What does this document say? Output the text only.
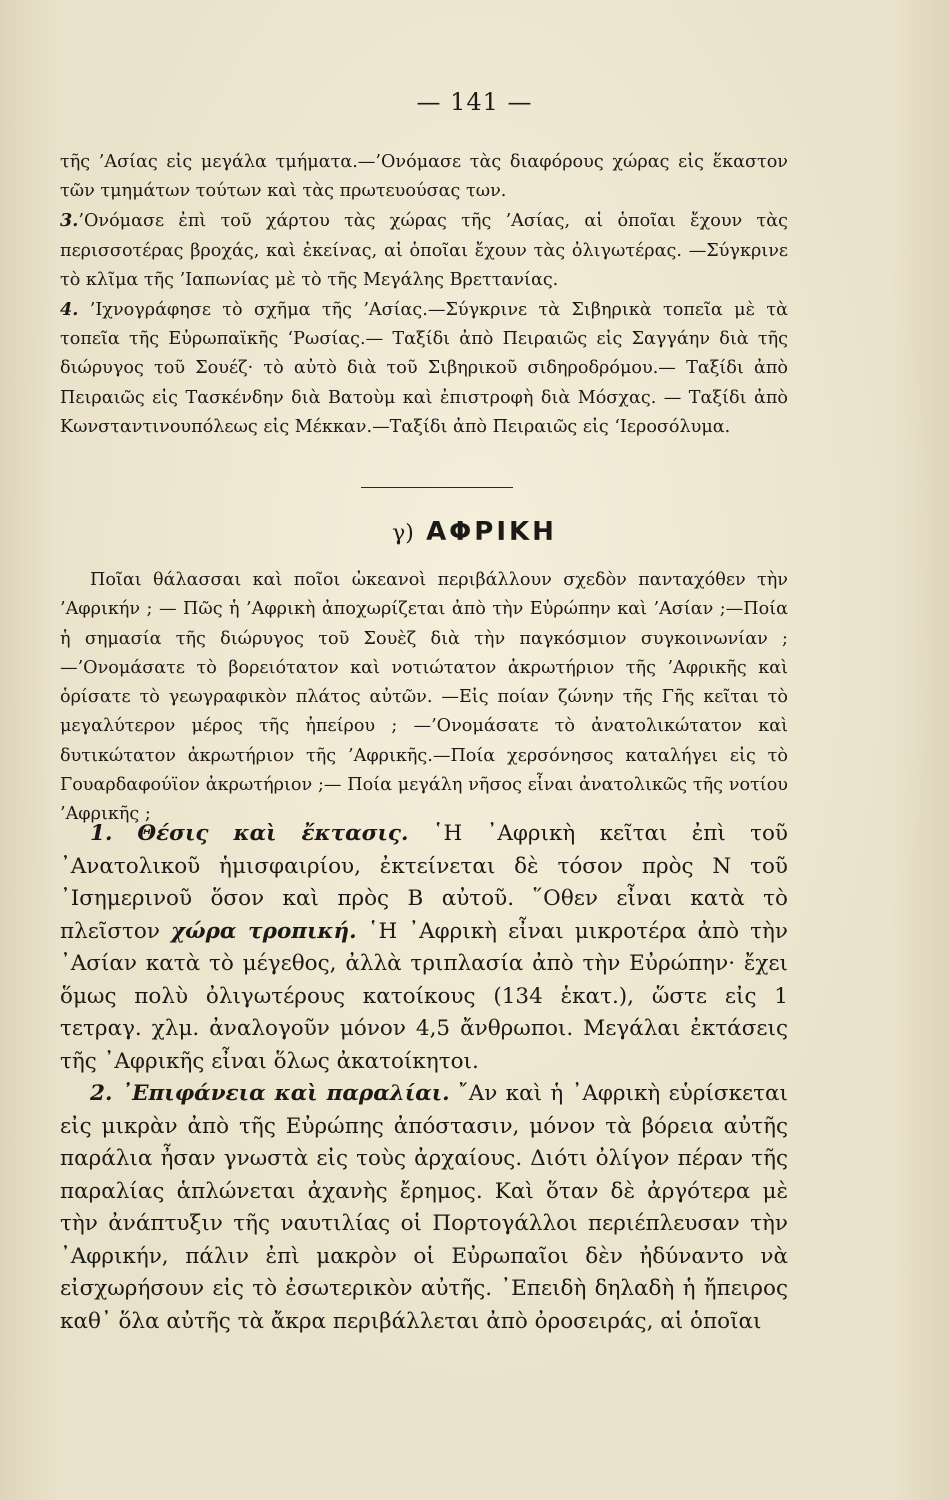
— 141 —

τῆς ’Ασίας εἰς μεγάλα τμήματα.—’Ονόμασε τὰς διαφόρους χώρας εἰς ἕκαστον τῶν τμημάτων τούτων καὶ τὰς πρωτευούσας των.

3.’Ονόμασε ἐπὶ τοῦ χάρτου τὰς χώρας τῆς ’Ασίας, αἱ ὁποῖαι ἔχουν τὰς περισσοτέρας βροχάς, καὶ ἐκείνας, αἱ ὁποῖαι ἔχουν τὰς ὀλιγωτέρας. —Σύγκρινε τὸ κλῖμα τῆς ’Ιαπωνίας μὲ τὸ τῆς Μεγάλης Βρεττανίας.

4. ’Ιχνογράφησε τὸ σχῆμα τῆς ’Ασίας.—Σύγκρινε τὰ Σιβηρικὰ τοπεῖα μὲ τὰ τοπεῖα τῆς Εὐρωπαϊκῆς ‘Ρωσίας.— Ταξίδι ἀπὸ Πειραιῶς εἰς Σαγγάην διὰ τῆς διώρυγος τοῦ Σουέζ· τὸ αὐτὸ διὰ τοῦ Σιβηρικοῦ σιδηροδρόμου.— Ταξίδι ἀπὸ Πειραιῶς εἰς Τασκένδην διὰ Βατοὺμ καὶ ἐπιστροφὴ διὰ Μόσχας. — Ταξίδι ἀπὸ Κωνσταντινουπόλεως εἰς Μέκκαν.—Ταξίδι ἀπὸ Πειραιῶς εἰς ‘Ιεροσόλυμα.

γ) ΑΦΡΙΚΗ

Ποῖαι θάλασσαι καὶ ποῖοι ὠκεανοὶ περιβάλλουν σχεδὸν πανταχόθεν τὴν ’Αφρικήν ; — Πῶς ἡ ’Αφρικὴ ἀποχωρίζεται ἀπὸ τὴν Εὐρώπην καὶ ’Ασίαν ;—Ποία ἡ σημασία τῆς διώρυγος τοῦ Σουὲζ διὰ τὴν παγκόσμιον συγκοινωνίαν ; —’Ονομάσατε τὸ βορειότατον καὶ νοτιώτατον ἀκρωτήριον τῆς ’Αφρικῆς καὶ ὁρίσατε τὸ γεωγραφικὸν πλάτος αὐτῶν. —Εἰς ποίαν ζώνην τῆς Γῆς κεῖται τὸ μεγαλύτερον μέρος τῆς ἠπείρου ; —’Ονομάσατε τὸ ἀνατολικώτατον καὶ δυτικώτατον ἀκρωτήριον τῆς ’Αφρικῆς.—Ποία χερσόνησος καταλήγει εἰς τὸ Γουαρδαφούϊον ἀκρωτήριον ;— Ποία μεγάλη νῆσος εἶναι ἀνατολικῶς τῆς νοτίου ’Αφρικῆς ;

1. Θέσις καὶ ἔκτασις. ῾Η ᾿Αφρικὴ κεῖται ἐπὶ τοῦ ᾿Ανατολικοῦ ἡμισφαιρίου, ἐκτείνεται δὲ τόσον πρὸς Ν τοῦ ᾿Ισημερινοῦ ὅσον καὶ πρὸς Β αὐτοῦ. ῞Οθεν εἶναι κατὰ τὸ πλεῖστον χώρα τροπική. ῾Η ᾿Αφρικὴ εἶναι μικροτέρα ἀπὸ τὴν ᾿Ασίαν κατὰ τὸ μέγεθος, ἀλλὰ τριπλασία ἀπὸ τὴν Εὐρώπην· ἔχει ὅμως πολὺ ὀλιγωτέρους κατοίκους (134 ἑκατ.), ὥστε εἰς 1 τετραγ. χλμ. ἀναλογοῦν μόνον 4,5 ἄνθρωποι. Μεγάλαι ἐκτάσεις τῆς ᾿Αφρικῆς εἶναι ὅλως ἀκατοίκητοι.

2. ᾿Επιφάνεια καὶ παραλίαι. ῎Αν καὶ ἡ ᾿Αφρικὴ εὑρίσκεται εἰς μικρὰν ἀπὸ τῆς Εὐρώπης ἀπόστασιν, μόνον τὰ βόρεια αὐτῆς παράλια ἦσαν γνωστὰ εἰς τοὺς ἀρχαίους. Διότι ὀλίγον πέραν τῆς παραλίας ἁπλώνεται ἀχανὴς ἔρημος. Καὶ ὅταν δὲ ἀργότερα μὲ τὴν ἀνάπτυξιν τῆς ναυτιλίας οἱ Πορτογάλλοι περιέπλευσαν τὴν ᾿Αφρικήν, πάλιν ἐπὶ μακρὸν οἱ Εὐρωπαῖοι δὲν ἠδύναντο νὰ εἰσχωρήσουν εἰς τὸ ἐσωτερικὸν αὐτῆς. ᾿Επειδὴ δηλαδὴ ἡ ἤπειρος καθ᾿ ὅλα αὐτῆς τὰ ἄκρα περιβάλλεται ἀπὸ ὀροσειράς, αἱ ὁποῖαι
